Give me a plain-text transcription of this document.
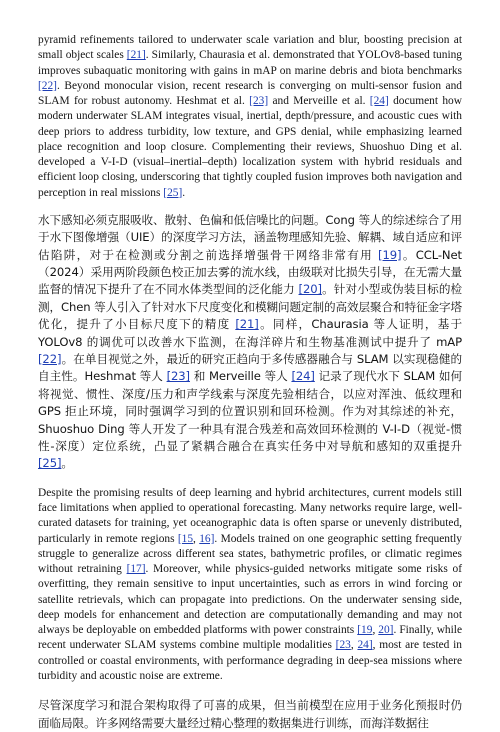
pyramid refinements tailored to underwater scale variation and blur, boosting precision at small object scales [21]. Similarly, Chaurasia et al. demonstrated that YOLOv8-based tuning improves subaquatic monitoring with gains in mAP on marine debris and biota benchmarks [22]. Beyond monocular vision, recent research is converging on multi-sensor fusion and SLAM for robust autonomy. Heshmat et al. [23] and Merveille et al. [24] document how modern underwater SLAM integrates visual, inertial, depth/pressure, and acoustic cues with deep priors to address turbidity, low texture, and GPS denial, while emphasizing learned place recognition and loop closure. Complementing their reviews, Shuoshuo Ding et al. developed a V-I-D (visual–inertial–depth) localization system with hybrid residuals and efficient loop closing, underscoring that tightly coupled fusion improves both navigation and perception in real missions [25].

水下感知必须克服吸收、散射、色偏和低信噪比的问题。Cong 等人的综述综合了用于水下图像增强（UIE）的深度学习方法，涵盖物理感知先验、解耦、域自适应和评估陷阱，对于在检测或分割之前选择增强骨干网络非常有用 [19]。CCL-Net（2024）采用两阶段颜色校正加去雾的流水线，由级联对比损失引导，在无需大量监督的情况下提升了在不同水体类型间的泛化能力 [20]。针对小型或伪装目标的检测，Chen 等人引入了针对水下尺度变化和模糊问题定制的高效层聚合和特征金字塔优化，提升了小目标尺度下的精度 [21]。同样，Chaurasia 等人证明，基于 YOLOv8 的调优可以改善水下监测，在海洋碎片和生物基准测试中提升了 mAP [22]。在单目视觉之外，最近的研究正趋向于多传感器融合与 SLAM 以实现稳健的自主性。Heshmat 等人 [23] 和 Merveille 等人 [24] 记录了现代水下 SLAM 如何将视觉、惯性、深度/压力和声学线索与深度先验相结合，以应对浑浊、低纹理和 GPS 拒止环境，同时强调学习到的位置识别和回环检测。作为对其综述的补充，Shuoshuo Ding 等人开发了一种具有混合残差和高效回环检测的 V-I-D（视觉-惯性-深度）定位系统，凸显了紧耦合融合在真实任务中对导航和感知的双重提升 [25]。

Despite the promising results of deep learning and hybrid architectures, current models still face limitations when applied to operational forecasting. Many networks require large, well-curated datasets for training, yet oceanographic data is often sparse or unevenly distributed, particularly in remote regions [15, 16]. Models trained on one geographic setting frequently struggle to generalize across different sea states, bathymetric profiles, or climatic regimes without retraining [17]. Moreover, while physics-guided networks mitigate some risks of overfitting, they remain sensitive to input uncertainties, such as errors in wind forcing or satellite retrievals, which can propagate into predictions. On the underwater sensing side, deep models for enhancement and detection are computationally demanding and may not always be deployable on embedded platforms with power constraints [19, 20]. Finally, while recent underwater SLAM systems combine multiple modalities [23, 24], most are tested in controlled or coastal environments, with performance degrading in deep-sea missions where turbidity and acoustic noise are extreme.

尽管深度学习和混合架构取得了可喜的成果，但当前模型在应用于业务化预报时仍面临局限。许多网络需要大量经过精心整理的数据集进行训练，而海洋数据往
